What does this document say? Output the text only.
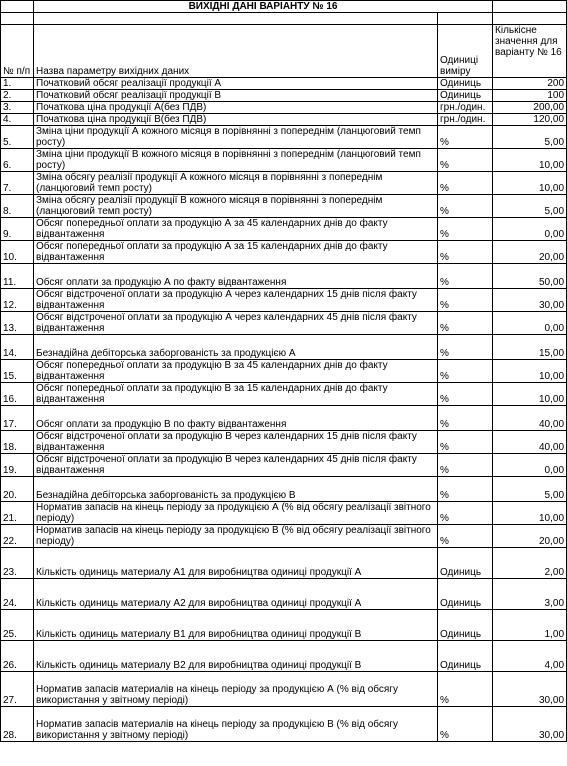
	ВИХІДНІ ДАНІ ВАРІАНТУ № 16		

№ п/п	Назва параметру вихідних даних	Одиниці виміру	Кількісне значення для варіанту № 16
1.	Початковий обсяг реалізації продукції А	Одиниць	200
2.	Початковий обсяг реалізації продукції В	Одиниць	100
3.	Початкова ціна продукції А(без ПДВ)	грн./один.	200,00
4.	Початкова ціна продукції В(без ПДВ)	грн./один.	120,00
5.	Зміна ціни продукції А кожного місяця в порівнянні з попереднім (ланцюговий темп росту)	%	5,00
6.	Зміна ціни продукції В кожного місяця в порівнянні з попереднім (ланцюговий темп росту)	%	10,00
7.	Зміна обсягу реалізії продукції А кожного місяця в порівнянні з попереднім (ланцюговий темп росту)	%	10,00
8.	Зміна обсягу реалізії продукції В кожного місяця в порівнянні з попереднім (ланцюговий темп росту)	%	5,00
9.	Обсяг попередньої оплати за продукцію А за 45 календарних днів до факту відвантаження	%	0,00
10.	Обсяг попередньої оплати за продукцію А за 15 календарних днів до факту відвантаження	%	20,00
11.	Обсяг оплати за продукцію А по факту відвантаження	%	50,00
12.	Обсяг відстроченої оплати за продукцію А через календарних 15 днів після факту відвантаження	%	30,00
13.	Обсяг відстроченої оплати за продукцію А через календарних 45 днів після факту відвантаження	%	0,00
14.	Безнадійна дебіторська заборгованість за продукцією А	%	15,00
15.	Обсяг попередньої оплати за продукцію В за 45 календарних днів до факту відвантаження	%	10,00
16.	Обсяг попередньої оплати за продукцію В за 15 календарних днів до факту відвантаження	%	10,00
17.	Обсяг оплати за продукцію В по факту відвантаження	%	40,00
18.	Обсяг відстроченої оплати за продукцію В через календарних 15 днів після факту відвантаження	%	40,00
19.	Обсяг відстроченої оплати за продукцію В через календарних 45 днів після факту відвантаження	%	0,00
20.	Безнадійна дебіторська заборгованість за продукцією В	%	5,00
21.	Норматив запасів на кінець періоду за продукцією А (% від обсягу реалізації звітного періоду)	%	10,00
22.	Норматив запасів на кінець періоду за продукцією В (% від обсягу реалізації звітного періоду)	%	20,00
23.	Кількість одиниць материалу А1 для виробництва одиниці продукції А	Одиниць	2,00
24.	Кількість одиниць материалу А2 для виробництва одиниці продукції А	Одиниць	3,00
25.	Кількість одиниць материалу В1 для виробництва одиниці продукції В	Одиниць	1,00
26.	Кількість одиниць материалу В2 для виробництва одиниці продукції В	Одиниць	4,00
27.	Норматив запасів материалів на кінець періоду за продукцією А (% від обсягу використання у звітному періоді)	%	30,00
28.	Норматив запасів материалів на кінець періоду за продукцією В (% від обсягу використання у звітному періоді)	%	30,00
